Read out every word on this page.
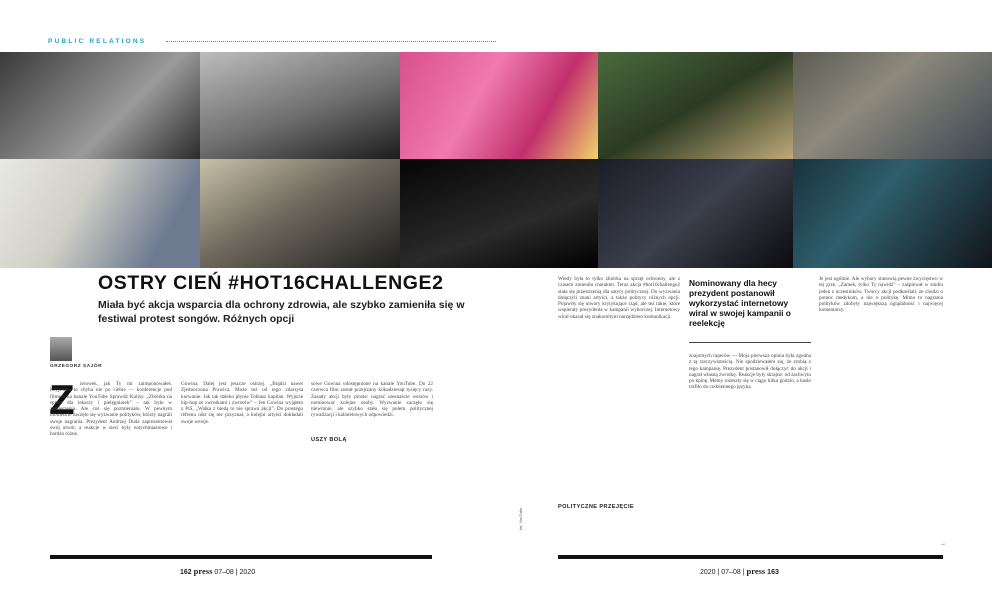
PUBLIC RELATIONS
OSTRY CIEŃ #HOT16CHALLENGE2

Miała być akcja wsparcia dla ochrony zdrowia, ale szybko zamieniła się w festiwal protest songów. Różnych opcji

GRZEGORZ SAJÓR
Z	ierowek, jak Ty mi zaimponowałeś. Kryjówka to chyba nie po ciebie — konferencje pod filmem na kanale YouTube Sprawdź Kulisy. „Zbiórka na sprzęt dla lekarzy i pielęgniarek” – tak było w zamierzeniu. Ale coś się pozmieniało. W pewnym momencie zaczęło się wyzwanie polityków, którzy nagrali swoje nagrania. Prezydent Andrzej Duda zaprezentował swój utwór, a reakcje w sieci były natychmiastowe i bardzo różne.
Gowina. Dalej jest jeszcze ostrzej. „Brądzi nawet Zjednoczona Prawica. Może też od tego zdarzyła kurwanie. Jak tak daleko płynie Tobiasz kapitan. Wyjście hip-hop ze zwrotkami i zwrotów” – Jen Gowina wyjąłem z PiS, „Walka z biedą to nie sprawa akcji”. Do prostego refrenu nikt się nie przyznał, a kolejni artyści dokładali swoje wersje.
sowe Gowina udostępnione na kanale YouTube. Do 22 czerwca film został przejrzany kilkadziesiąt tysięcy razy. Zasady akcji były proste: nagrać szesnaście wersów i nominować kolejne osoby. Wyzwanie zaczęło się niewinnie, ale szybko stało się polem politycznej rywalizacji i kabaretowych odpowiedzi.
USZY BOLĄ
Wtedy była to tylko zbiórka na sprzęt ochronny, ale z czasem zmieniła charakter. Teraz akcja #hot16challenge2 stała się przestrzenią dla satyry politycznej. Do wyzwania dołączyli znani artyści, a także politycy różnych opcji. Pojawiły się utwory krytykujące rząd, ale też takie, które wspierały prezydenta w kampanii wyborczej. Internetowy wiral okazał się znakomitym narzędziem komunikacji.
POLITYCZNE PRZEJĘCIE
Nominowany dla hecy prezydent postanowił wykorzystać internetowy wiral w swojej kampanii o reelekcję
znajomych raperów — Moja pierwsza opinia była zgodna z tą rzeczywistością. Nie spodziewałem się, że zrobią z tego kampanię. Prezydent postanowił dołączyć do akcji i nagrał własną zwrotkę. Reakcje były skrajne: od zachwytu po kpinę. Memy rozeszły się w ciągu kilku godzin, a hasło trafiło do codziennego języka.
Je jest ogólnie. Ale wybory stanowią pewne zwycięstwo w tej grze. „Zamek, tylko Ty nawidź” – zaśpiewał w studiu jeden z uczestników. Twórcy akcji podkreślali, że chodzi o pomoc medykom, a nie o politykę. Mimo to nagrania polityków zdobyły największą oglądalność i najwięcej komentarzy.
fot. YouTube
162 press 07–08 | 2020	2020 | 07–08 | press 163
→
